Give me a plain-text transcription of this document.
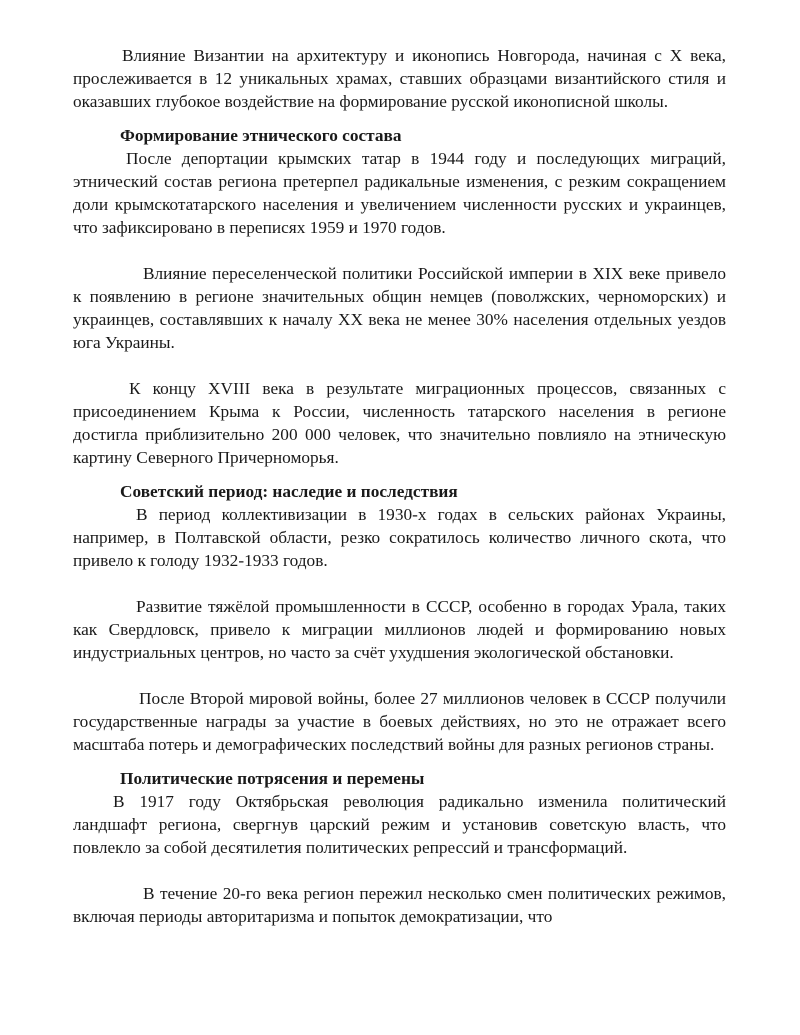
Влияние Византии на архитектуру и иконопись Новгорода, начиная с X века, прослеживается в 12 уникальных храмах, ставших образцами византийского стиля и оказавших глубокое воздействие на формирование русской иконописной школы.

Формирование этнического состава

После депортации крымских татар в 1944 году и последующих миграций, этнический состав региона претерпел радикальные изменения, с резким сокращением доли крымскотатарского населения и увеличением численности русских и украинцев, что зафиксировано в переписях 1959 и 1970 годов.

Влияние переселенческой политики Российской империи в XIX веке привело к появлению в регионе значительных общин немцев (поволжских, черноморских) и украинцев, составлявших к началу XX века не менее 30% населения отдельных уездов юга Украины.

К концу XVIII века в результате миграционных процессов, связанных с присоединением Крыма к России, численность татарского населения в регионе достигла приблизительно 200 000 человек, что значительно повлияло на этническую картину Северного Причерноморья.

Советский период: наследие и последствия

В период коллективизации в 1930-х годах в сельских районах Украины, например, в Полтавской области, резко сократилось количество личного скота, что привело к голоду 1932-1933 годов.

Развитие тяжёлой промышленности в СССР, особенно в городах Урала, таких как Свердловск, привело к миграции миллионов людей и формированию новых индустриальных центров, но часто за счёт ухудшения экологической обстановки.

После Второй мировой войны, более 27 миллионов человек в СССР получили государственные награды за участие в боевых действиях, но это не отражает всего масштаба потерь и демографических последствий войны для разных регионов страны.

Политические потрясения и перемены

В 1917 году Октябрьская революция радикально изменила политический ландшафт региона, свергнув царский режим и установив советскую власть, что повлекло за собой десятилетия политических репрессий и трансформаций.

В течение 20-го века регион пережил несколько смен политических режимов, включая периоды авторитаризма и попыток демократизации, что
